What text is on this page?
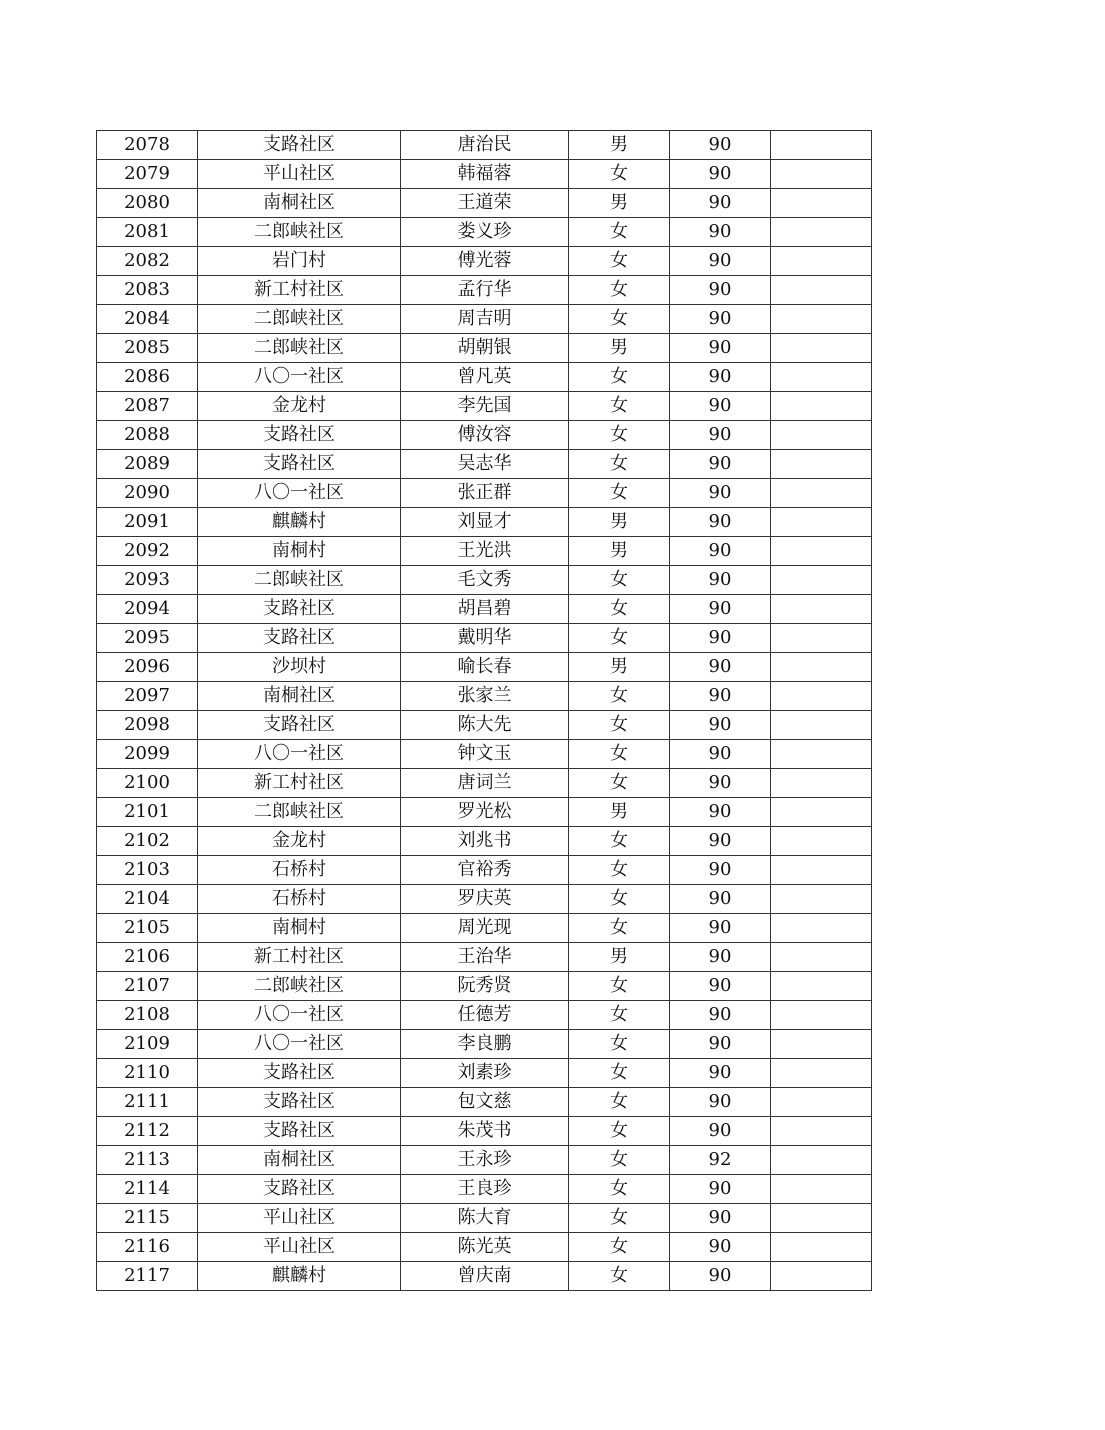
2078	支路社区	唐治民	男	90	
2079	平山社区	韩福蓉	女	90	
2080	南桐社区	王道荣	男	90	
2081	二郎峡社区	娄义珍	女	90	
2082	岩门村	傅光蓉	女	90	
2083	新工村社区	孟行华	女	90	
2084	二郎峡社区	周吉明	女	90	
2085	二郎峡社区	胡朝银	男	90	
2086	八〇一社区	曾凡英	女	90	
2087	金龙村	李先国	女	90	
2088	支路社区	傅汝容	女	90	
2089	支路社区	吴志华	女	90	
2090	八〇一社区	张正群	女	90	
2091	麒麟村	刘显才	男	90	
2092	南桐村	王光洪	男	90	
2093	二郎峡社区	毛文秀	女	90	
2094	支路社区	胡昌碧	女	90	
2095	支路社区	戴明华	女	90	
2096	沙坝村	喻长春	男	90	
2097	南桐社区	张家兰	女	90	
2098	支路社区	陈大先	女	90	
2099	八〇一社区	钟文玉	女	90	
2100	新工村社区	唐词兰	女	90	
2101	二郎峡社区	罗光松	男	90	
2102	金龙村	刘兆书	女	90	
2103	石桥村	官裕秀	女	90	
2104	石桥村	罗庆英	女	90	
2105	南桐村	周光现	女	90	
2106	新工村社区	王治华	男	90	
2107	二郎峡社区	阮秀贤	女	90	
2108	八〇一社区	任德芳	女	90	
2109	八〇一社区	李良鹏	女	90	
2110	支路社区	刘素珍	女	90	
2111	支路社区	包文慈	女	90	
2112	支路社区	朱茂书	女	90	
2113	南桐社区	王永珍	女	92	
2114	支路社区	王良珍	女	90	
2115	平山社区	陈大育	女	90	
2116	平山社区	陈光英	女	90	
2117	麒麟村	曾庆南	女	90	
